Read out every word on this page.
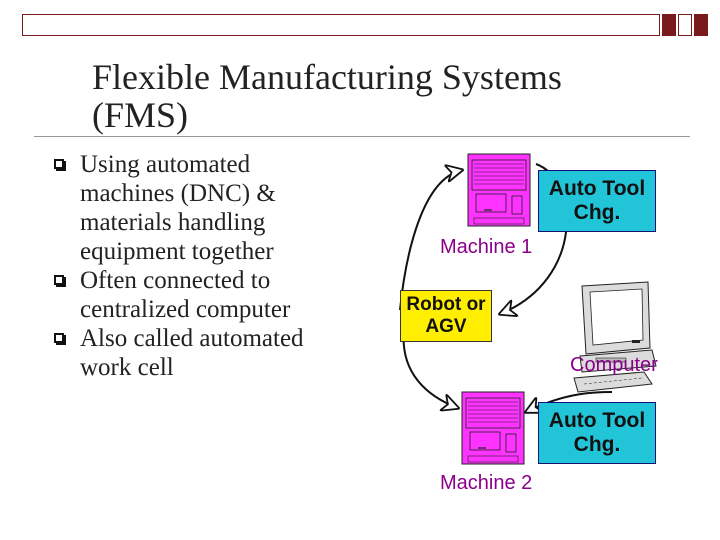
Flexible Manufacturing Systems (FMS)
Using automated machines (DNC) & materials handling equipment together
Often connected to centralized computer
Also called automated work cell
Auto Tool Chg.
Auto Tool Chg.
Robot or AGV
Machine 1
Machine 2
Computer
